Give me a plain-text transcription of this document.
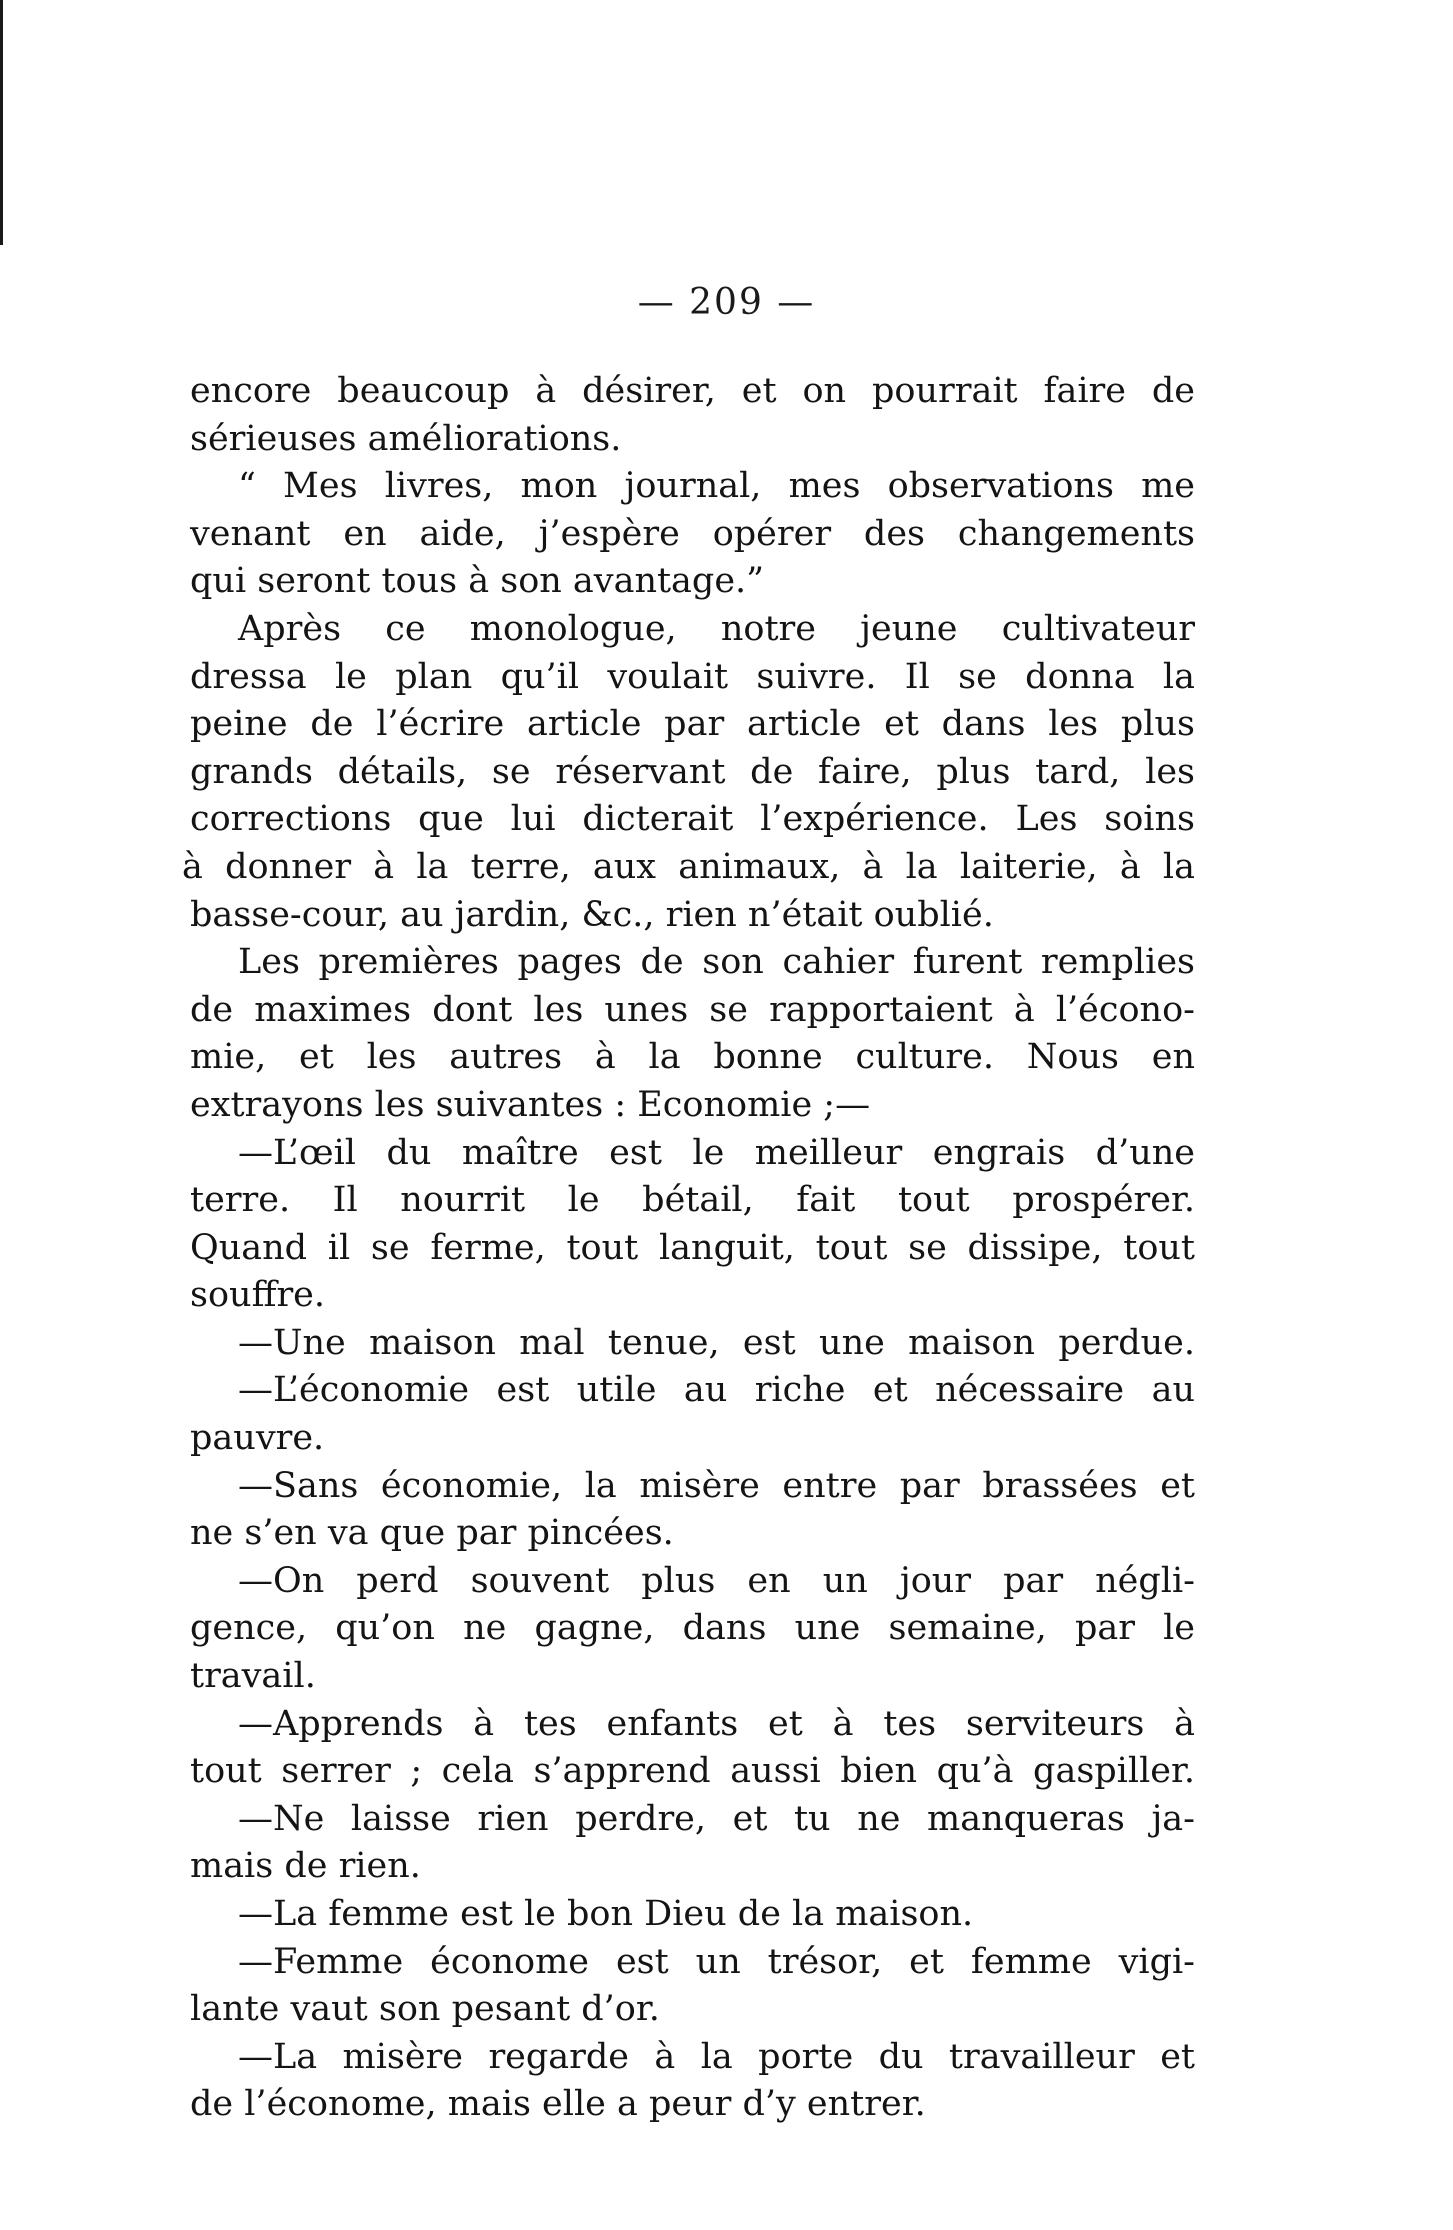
— 209 —
encore beaucoup à désirer, et on pourrait faire de
sérieuses améliorations.
“ Mes livres, mon journal, mes observations me
venant en aide, j’espère opérer des changements
qui seront tous à son avantage.”
Après ce monologue, notre jeune cultivateur
dressa le plan qu’il voulait suivre. Il se donna la
peine de l’écrire article par article et dans les plus
grands détails, se réservant de faire, plus tard, les
corrections que lui dicterait l’expérience. Les soins
à donner à la terre, aux animaux, à la laiterie, à la
basse-cour, au jardin, &c., rien n’était oublié.
Les premières pages de son cahier furent remplies
de maximes dont les unes se rapportaient à l’écono-
mie, et les autres à la bonne culture. Nous en
extrayons les suivantes : Economie ;—
—L’œil du maître est le meilleur engrais d’une
terre. Il nourrit le bétail, fait tout prospérer.
Quand il se ferme, tout languit, tout se dissipe, tout
souffre.
—Une maison mal tenue, est une maison perdue.
—L’économie est utile au riche et nécessaire au
pauvre.
—Sans économie, la misère entre par brassées et
ne s’en va que par pincées.
—On perd souvent plus en un jour par négli-
gence, qu’on ne gagne, dans une semaine, par le
travail.
—Apprends à tes enfants et à tes serviteurs à
tout serrer ; cela s’apprend aussi bien qu’à gaspiller.
—Ne laisse rien perdre, et tu ne manqueras ja-
mais de rien.
—La femme est le bon Dieu de la maison.
—Femme économe est un trésor, et femme vigi-
lante vaut son pesant d’or.
—La misère regarde à la porte du travailleur et
de l’économe, mais elle a peur d’y entrer.
